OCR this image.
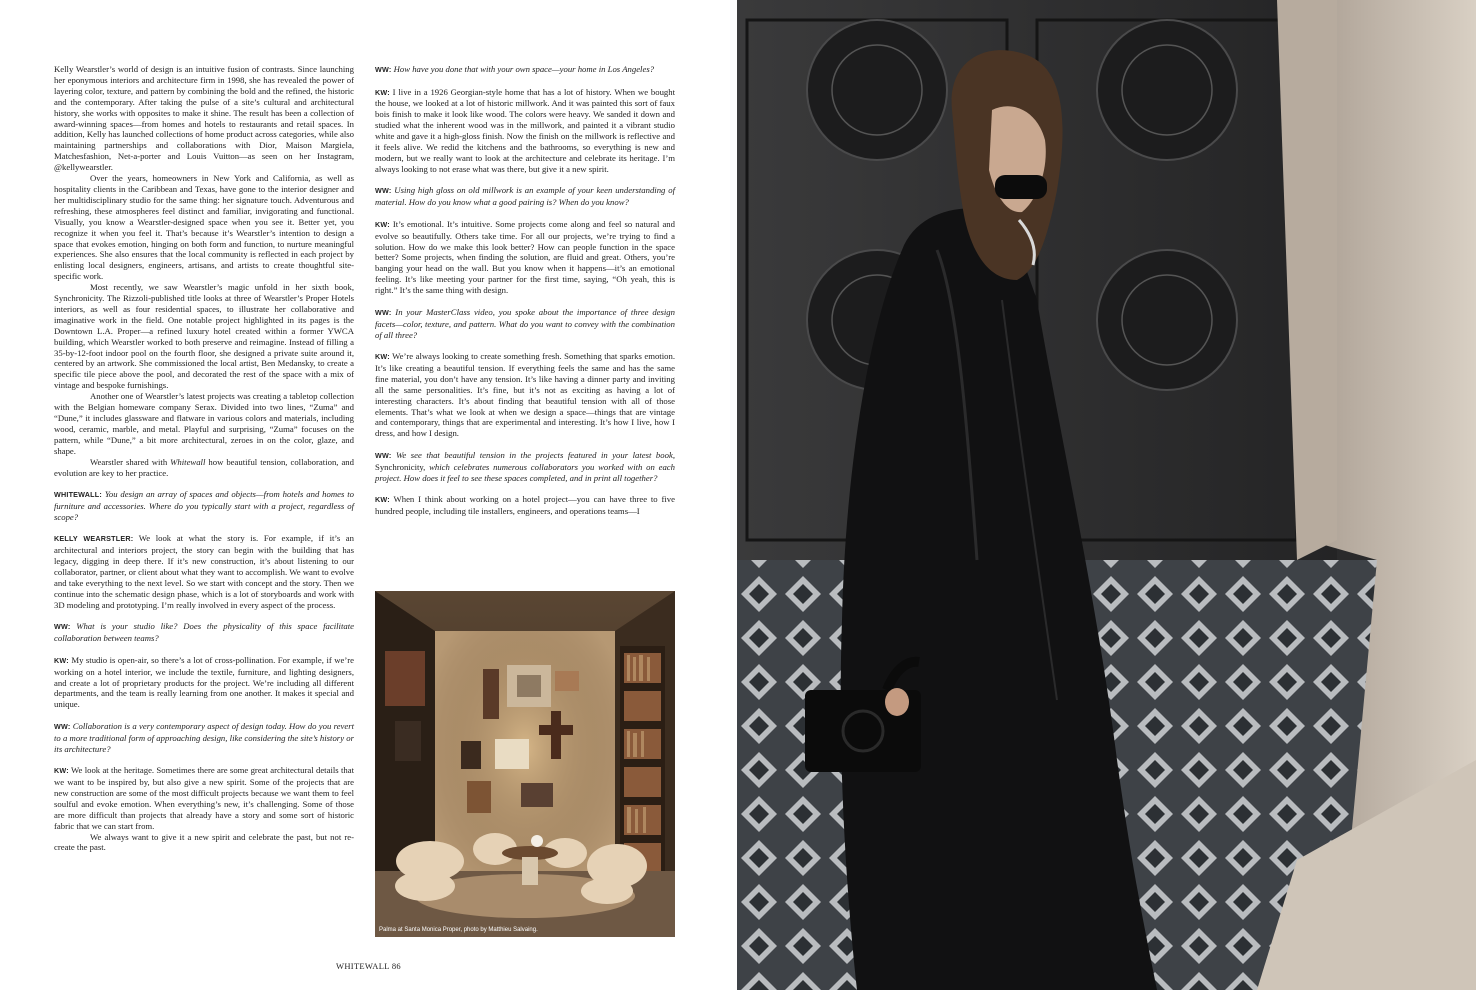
Kelly Wearstler’s world of design is an intuitive fusion of contrasts. Since launching her eponymous interiors and architecture firm in 1998, she has revealed the power of layering color, texture, and pattern by combining the bold and the refined, the historic and the contemporary. After taking the pulse of a site’s cultural and architectural history, she works with opposites to make it shine. The result has been a collection of award-winning spaces—from homes and hotels to restaurants and retail spaces. In addition, Kelly has launched collections of home product across categories, while also maintaining partnerships and collaborations with Dior, Maison Margiela, Matchesfashion, Net-a-porter and Louis Vuitton—as seen on her Instagram, @kellywearstler.

Over the years, homeowners in New York and California, as well as hospitality clients in the Caribbean and Texas, have gone to the interior designer and her multidisciplinary studio for the same thing: her signature touch. Adventurous and refreshing, these atmospheres feel distinct and familiar, invigorating and functional. Visually, you know a Wearstler-designed space when you see it. Better yet, you recognize it when you feel it. That’s because it’s Wearstler’s intention to design a space that evokes emotion, hinging on both form and function, to nurture meaningful experiences. She also ensures that the local community is reflected in each project by enlisting local designers, engineers, artisans, and artists to create thoughtful site-specific work.

Most recently, we saw Wearstler’s magic unfold in her sixth book, Synchronicity. The Rizzoli-published title looks at three of Wearstler’s Proper Hotels interiors, as well as four residential spaces, to illustrate her collaborative and imaginative work in the field. One notable project highlighted in its pages is the Downtown L.A. Proper—a refined luxury hotel created within a former YWCA building, which Wearstler worked to both preserve and reimagine. Instead of filling a 35-by-12-foot indoor pool on the fourth floor, she designed a private suite around it, centered by an artwork. She commissioned the local artist, Ben Medansky, to create a specific tile piece above the pool, and decorated the rest of the space with a mix of vintage and bespoke furnishings.

Another one of Wearstler’s latest projects was creating a tabletop collection with the Belgian homeware company Serax. Divided into two lines, “Zuma” and “Dune,” it includes glassware and flatware in various colors and materials, including wood, ceramic, marble, and metal. Playful and surprising, “Zuma” focuses on the pattern, while “Dune,” a bit more architectural, zeroes in on the color, glaze, and shape.

Wearstler shared with Whitewall how beautiful tension, collaboration, and evolution are key to her practice.

WHITEWALL: You design an array of spaces and objects—from hotels and homes to furniture and accessories. Where do you typically start with a project, regardless of scope?

KELLY WEARSTLER: We look at what the story is. For example, if it’s an architectural and interiors project, the story can begin with the building that has legacy, digging in deep there. If it’s new construction, it’s about listening to our collaborator, partner, or client about what they want to accomplish. We want to evolve and take everything to the next level. So we start with concept and the story. Then we continue into the schematic design phase, which is a lot of storyboards and work with 3D modeling and prototyping. I’m really involved in every aspect of the process.

WW: What is your studio like? Does the physicality of this space facilitate collaboration between teams?

KW: My studio is open-air, so there’s a lot of cross-pollination. For example, if we’re working on a hotel interior, we include the textile, furniture, and lighting designers, and create a lot of proprietary products for the project. We’re including all different departments, and the team is really learning from one another. It makes it special and unique.

WW: Collaboration is a very contemporary aspect of design today. How do you revert to a more traditional form of approaching design, like considering the site’s history or its architecture?

KW: We look at the heritage. Sometimes there are some great architectural details that we want to be inspired by, but also give a new spirit. Some of the projects that are new construction are some of the most difficult projects because we want them to feel soulful and evoke emotion. When everything’s new, it’s challenging. Some of those are more difficult than projects that already have a story and some sort of historic fabric that we can start from.

We always want to give it a new spirit and celebrate the past, but not re-create the past.

WW: How have you done that with your own space—your home in Los Angeles?

KW: I live in a 1926 Georgian-style home that has a lot of history. When we bought the house, we looked at a lot of historic millwork. And it was painted this sort of faux bois finish to make it look like wood. The colors were heavy. We sanded it down and studied what the inherent wood was in the millwork, and painted it a vibrant studio white and gave it a high-gloss finish. Now the finish on the millwork is reflective and it feels alive. We redid the kitchens and the bathrooms, so everything is new and modern, but we really want to look at the architecture and celebrate its heritage. I’m always looking to not erase what was there, but give it a new spirit.

WW: Using high gloss on old millwork is an example of your keen understanding of material. How do you know what a good pairing is? When do you know?

KW: It’s emotional. It’s intuitive. Some projects come along and feel so natural and evolve so beautifully. Others take time. For all our projects, we’re trying to find a solution. How do we make this look better? How can people function in the space better? Some projects, when finding the solution, are fluid and great. Others, you’re banging your head on the wall. But you know when it happens—it’s an emotional feeling. It’s like meeting your partner for the first time, saying, “Oh yeah, this is right.” It’s the same thing with design.

WW: In your MasterClass video, you spoke about the importance of three design facets—color, texture, and pattern. What do you want to convey with the combination of all three?

KW: We’re always looking to create something fresh. Something that sparks emotion. It’s like creating a beautiful tension. If everything feels the same and has the same fine material, you don’t have any tension. It’s like having a dinner party and inviting all the same personalities. It’s fine, but it’s not as exciting as having a lot of interesting characters. It’s about finding that beautiful tension with all of those elements. That’s what we look at when we design a space—things that are vintage and contemporary, things that are experimental and interesting. It’s how I live, how I dress, and how I design.

WW: We see that beautiful tension in the projects featured in your latest book, Synchronicity, which celebrates numerous collaborators you worked with on each project. How does it feel to see these spaces completed, and in print all together?

KW: When I think about working on a hotel project—you can have three to five hundred people, including tile installers, engineers, and operations teams—I

Palma at Santa Monica Proper, photo by Matthieu Salvaing.
WHITEWALL 86
